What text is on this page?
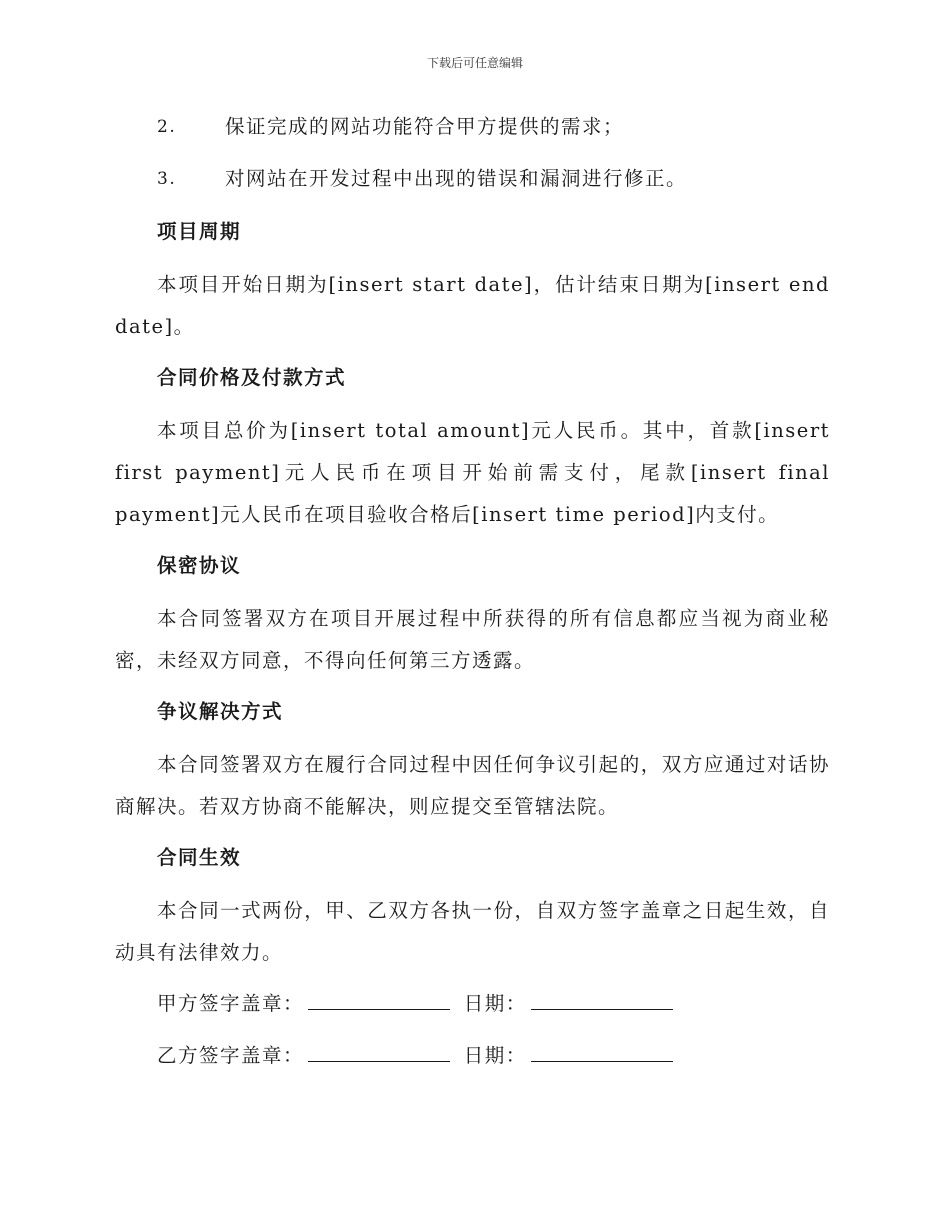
下载后可任意编辑
2.	保证完成的网站功能符合甲方提供的需求；
3.	对网站在开发过程中出现的错误和漏洞进行修正。
项目周期

本项目开始日期为[insert start date]，估计结束日期为[insert end date]。

合同价格及付款方式

本项目总价为[insert total amount]元人民币。其中，首款[insert first payment]元人民币在项目开始前需支付，尾款[insert final payment]元人民币在项目验收合格后[insert time period]内支付。

保密协议

本合同签署双方在项目开展过程中所获得的所有信息都应当视为商业秘密，未经双方同意，不得向任何第三方透露。

争议解决方式

本合同签署双方在履行合同过程中因任何争议引起的，双方应通过对话协商解决。若双方协商不能解决，则应提交至管辖法院。

合同生效

本合同一式两份，甲、乙双方各执一份，自双方签字盖章之日起生效，自动具有法律效力。

甲方签字盖章：	日期：
乙方签字盖章：	日期：
